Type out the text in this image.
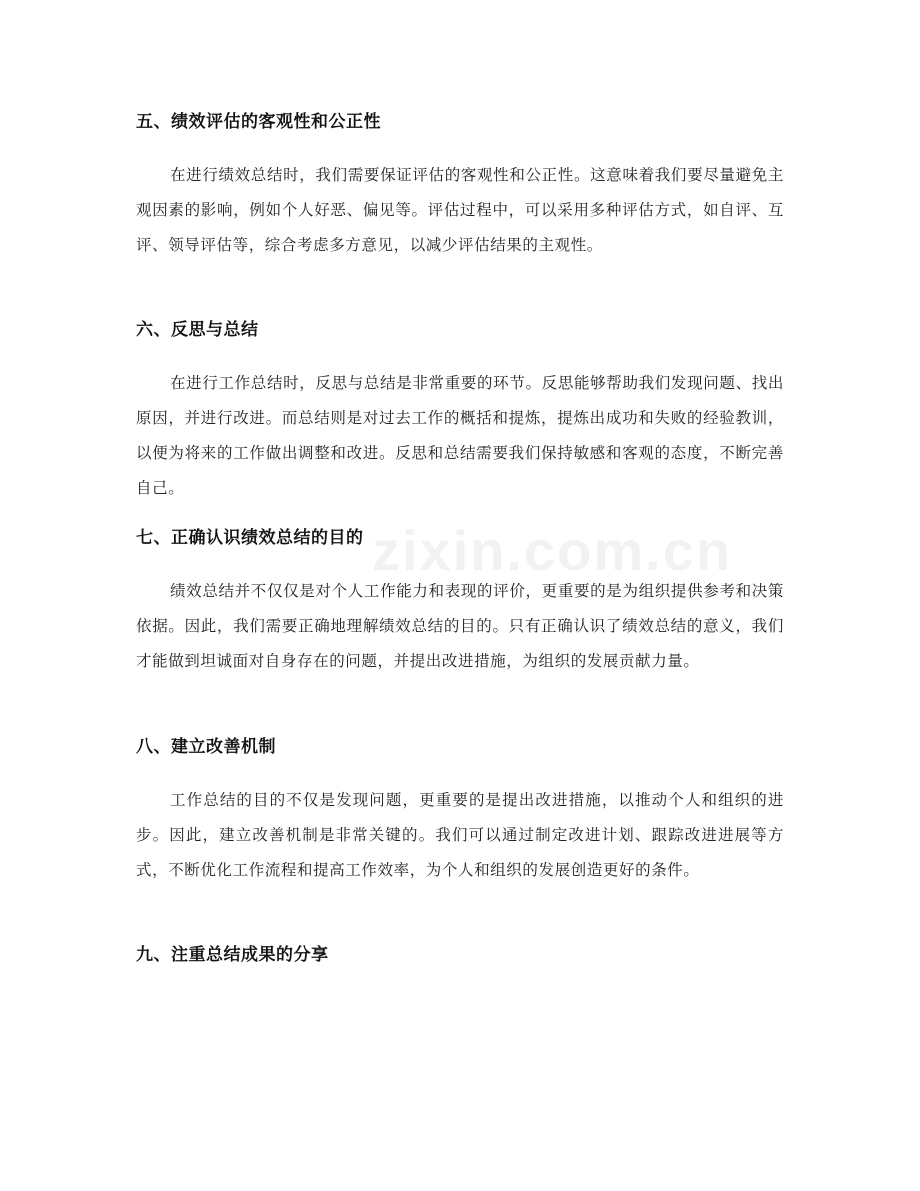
五、绩效评估的客观性和公正性

在进行绩效总结时，我们需要保证评估的客观性和公正性。这意味着我们要尽量避免主观因素的影响，例如个人好恶、偏见等。评估过程中，可以采用多种评估方式，如自评、互评、领导评估等，综合考虑多方意见，以减少评估结果的主观性。

六、反思与总结

在进行工作总结时，反思与总结是非常重要的环节。反思能够帮助我们发现问题、找出原因，并进行改进。而总结则是对过去工作的概括和提炼，提炼出成功和失败的经验教训，以便为将来的工作做出调整和改进。反思和总结需要我们保持敏感和客观的态度，不断完善自己。

七、正确认识绩效总结的目的

绩效总结并不仅仅是对个人工作能力和表现的评价，更重要的是为组织提供参考和决策依据。因此，我们需要正确地理解绩效总结的目的。只有正确认识了绩效总结的意义，我们才能做到坦诚面对自身存在的问题，并提出改进措施，为组织的发展贡献力量。

八、建立改善机制

工作总结的目的不仅是发现问题，更重要的是提出改进措施，以推动个人和组织的进步。因此，建立改善机制是非常关键的。我们可以通过制定改进计划、跟踪改进进展等方式，不断优化工作流程和提高工作效率，为个人和组织的发展创造更好的条件。

九、注重总结成果的分享
zixin.com.cn
